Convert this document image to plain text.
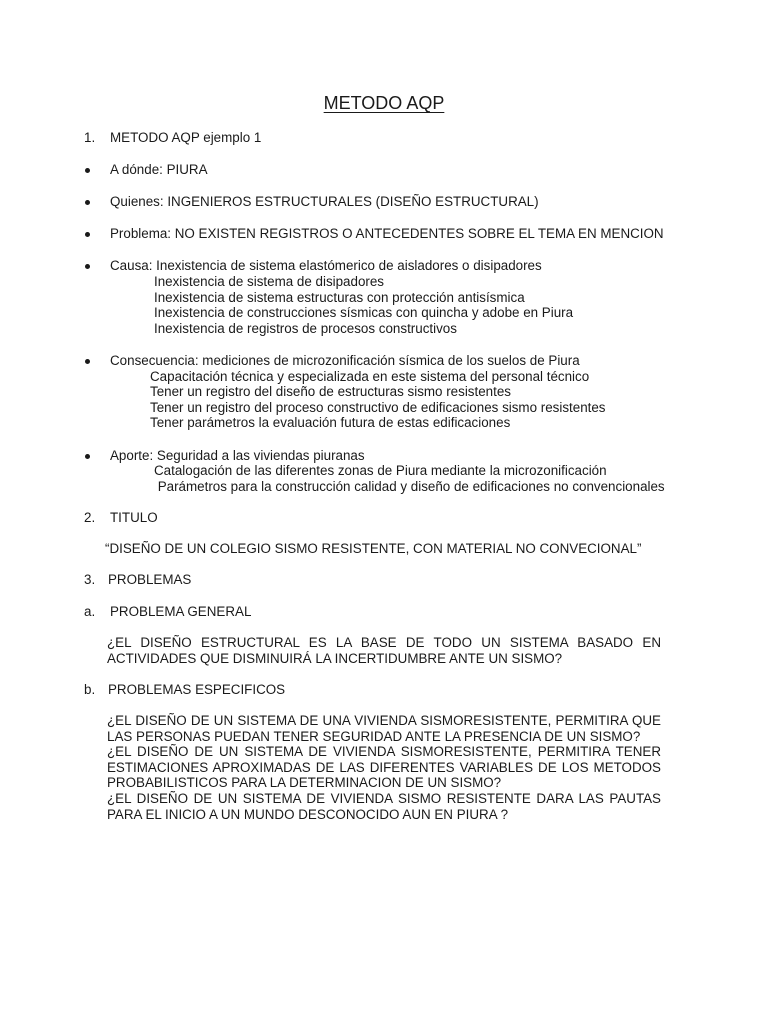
METODO AQP
1. METODO AQP ejemplo 1
A dónde: PIURA
Quienes: INGENIEROS ESTRUCTURALES (DISEÑO ESTRUCTURAL)
Problema: NO EXISTEN REGISTROS O ANTECEDENTES SOBRE EL TEMA EN MENCION
Causa: Inexistencia de sistema elastómerico de aisladores o disipadores
Inexistencia de sistema de disipadores
Inexistencia de sistema estructuras con protección antisísmica
Inexistencia de construcciones sísmicas con quincha y adobe en Piura
Inexistencia de registros de procesos constructivos
Consecuencia: mediciones de microzonificación sísmica de los suelos de Piura
Capacitación técnica y especializada en este sistema del personal técnico
Tener un registro del diseño de estructuras sismo resistentes
Tener un registro del proceso constructivo de edificaciones sismo resistentes
Tener parámetros la evaluación futura de estas edificaciones
Aporte: Seguridad a las viviendas piuranas
Catalogación de las diferentes zonas de Piura mediante la microzonificación
Parámetros para la construcción calidad y diseño de edificaciones no convencionales
2. TITULO
“DISEÑO DE UN COLEGIO SISMO RESISTENTE, CON MATERIAL NO CONVECIONAL”
3. PROBLEMAS
a. PROBLEMA GENERAL

¿EL DISEÑO ESTRUCTURAL ES LA BASE DE TODO UN SISTEMA BASADO EN ACTIVIDADES QUE DISMINUIRÁ LA INCERTIDUMBRE ANTE UN SISMO?

b. PROBLEMAS ESPECIFICOS

¿EL DISEÑO DE UN SISTEMA DE UNA VIVIENDA SISMORESISTENTE, PERMITIRA QUE LAS PERSONAS PUEDAN TENER SEGURIDAD ANTE LA PRESENCIA DE UN SISMO?

¿EL DISEÑO DE UN SISTEMA DE VIVIENDA SISMORESISTENTE, PERMITIRA TENER ESTIMACIONES APROXIMADAS DE LAS DIFERENTES VARIABLES DE LOS METODOS PROBABILISTICOS PARA LA DETERMINACION DE UN SISMO?

¿EL DISEÑO DE UN SISTEMA DE VIVIENDA SISMO RESISTENTE DARA LAS PAUTAS PARA EL INICIO A UN MUNDO DESCONOCIDO AUN EN PIURA ?
